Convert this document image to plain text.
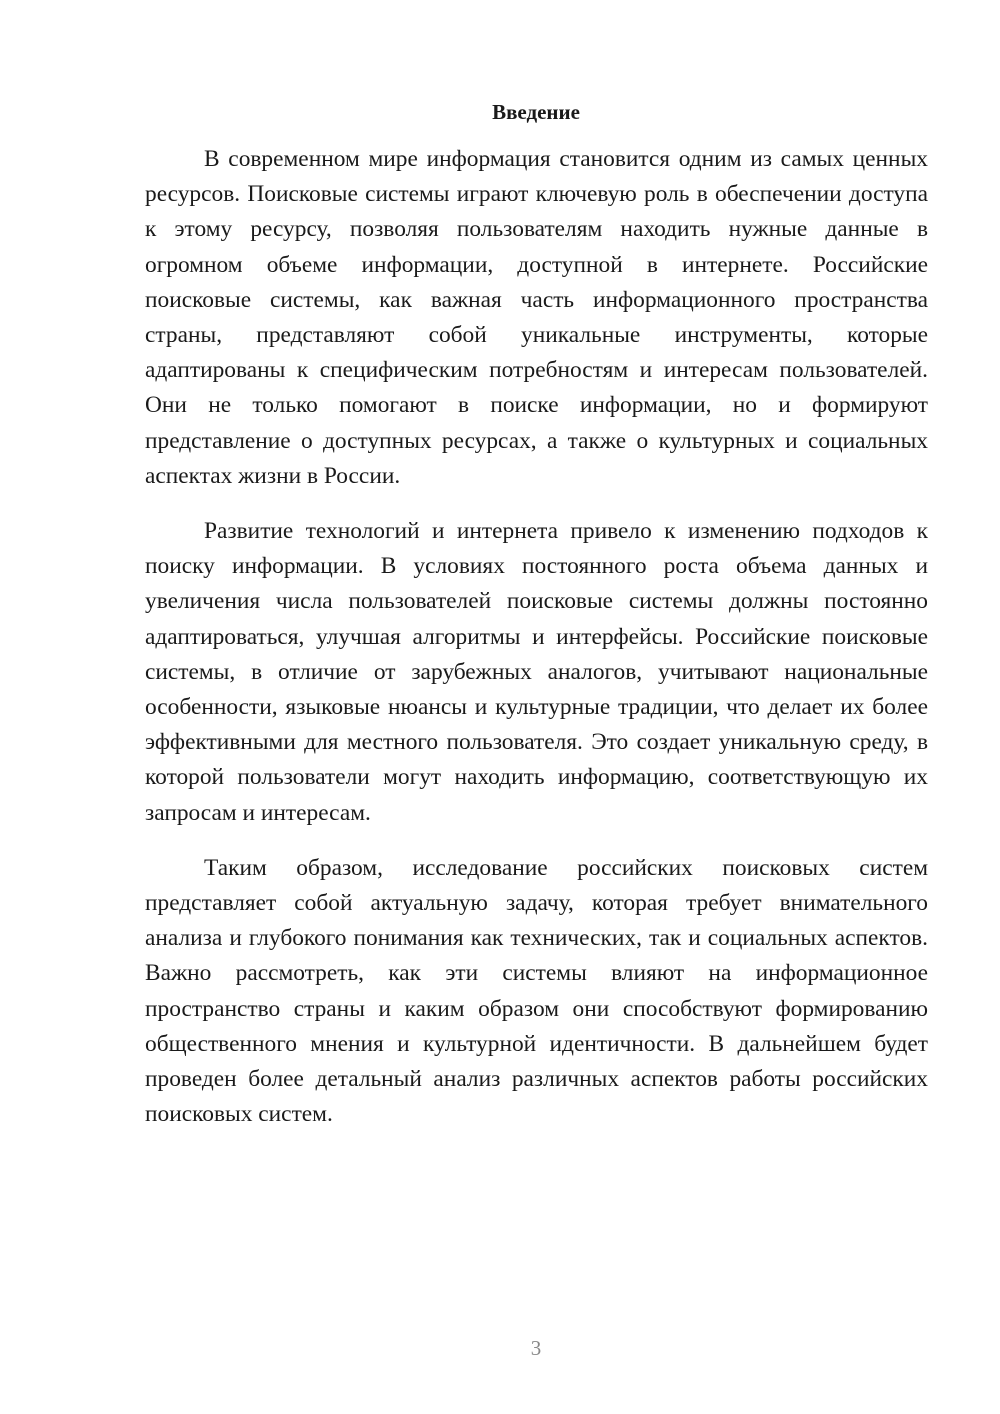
Введение

В современном мире информация становится одним из самых ценных ресурсов. Поисковые системы играют ключевую роль в обеспечении доступа к этому ресурсу, позволяя пользователям находить нужные данные в огромном объеме информации, доступной в интернете. Российские поисковые системы, как важная часть информационного пространства страны, представляют собой уникальные инструменты, которые адаптированы к специфическим потребностям и интересам пользователей. Они не только помогают в поиске информации, но и формируют представление о доступных ресурсах, а также о культурных и социальных аспектах жизни в России.

Развитие технологий и интернета привело к изменению подходов к поиску информации. В условиях постоянного роста объема данных и увеличения числа пользователей поисковые системы должны постоянно адаптироваться, улучшая алгоритмы и интерфейсы. Российские поисковые системы, в отличие от зарубежных аналогов, учитывают национальные особенности, языковые нюансы и культурные традиции, что делает их более эффективными для местного пользователя. Это создает уникальную среду, в которой пользователи могут находить информацию, соответствующую их запросам и интересам.

Таким образом, исследование российских поисковых систем представляет собой актуальную задачу, которая требует внимательного анализа и глубокого понимания как технических, так и социальных аспектов. Важно рассмотреть, как эти системы влияют на информационное пространство страны и каким образом они способствуют формированию общественного мнения и культурной идентичности. В дальнейшем будет проведен более детальный анализ различных аспектов работы российских поисковых систем.

3
